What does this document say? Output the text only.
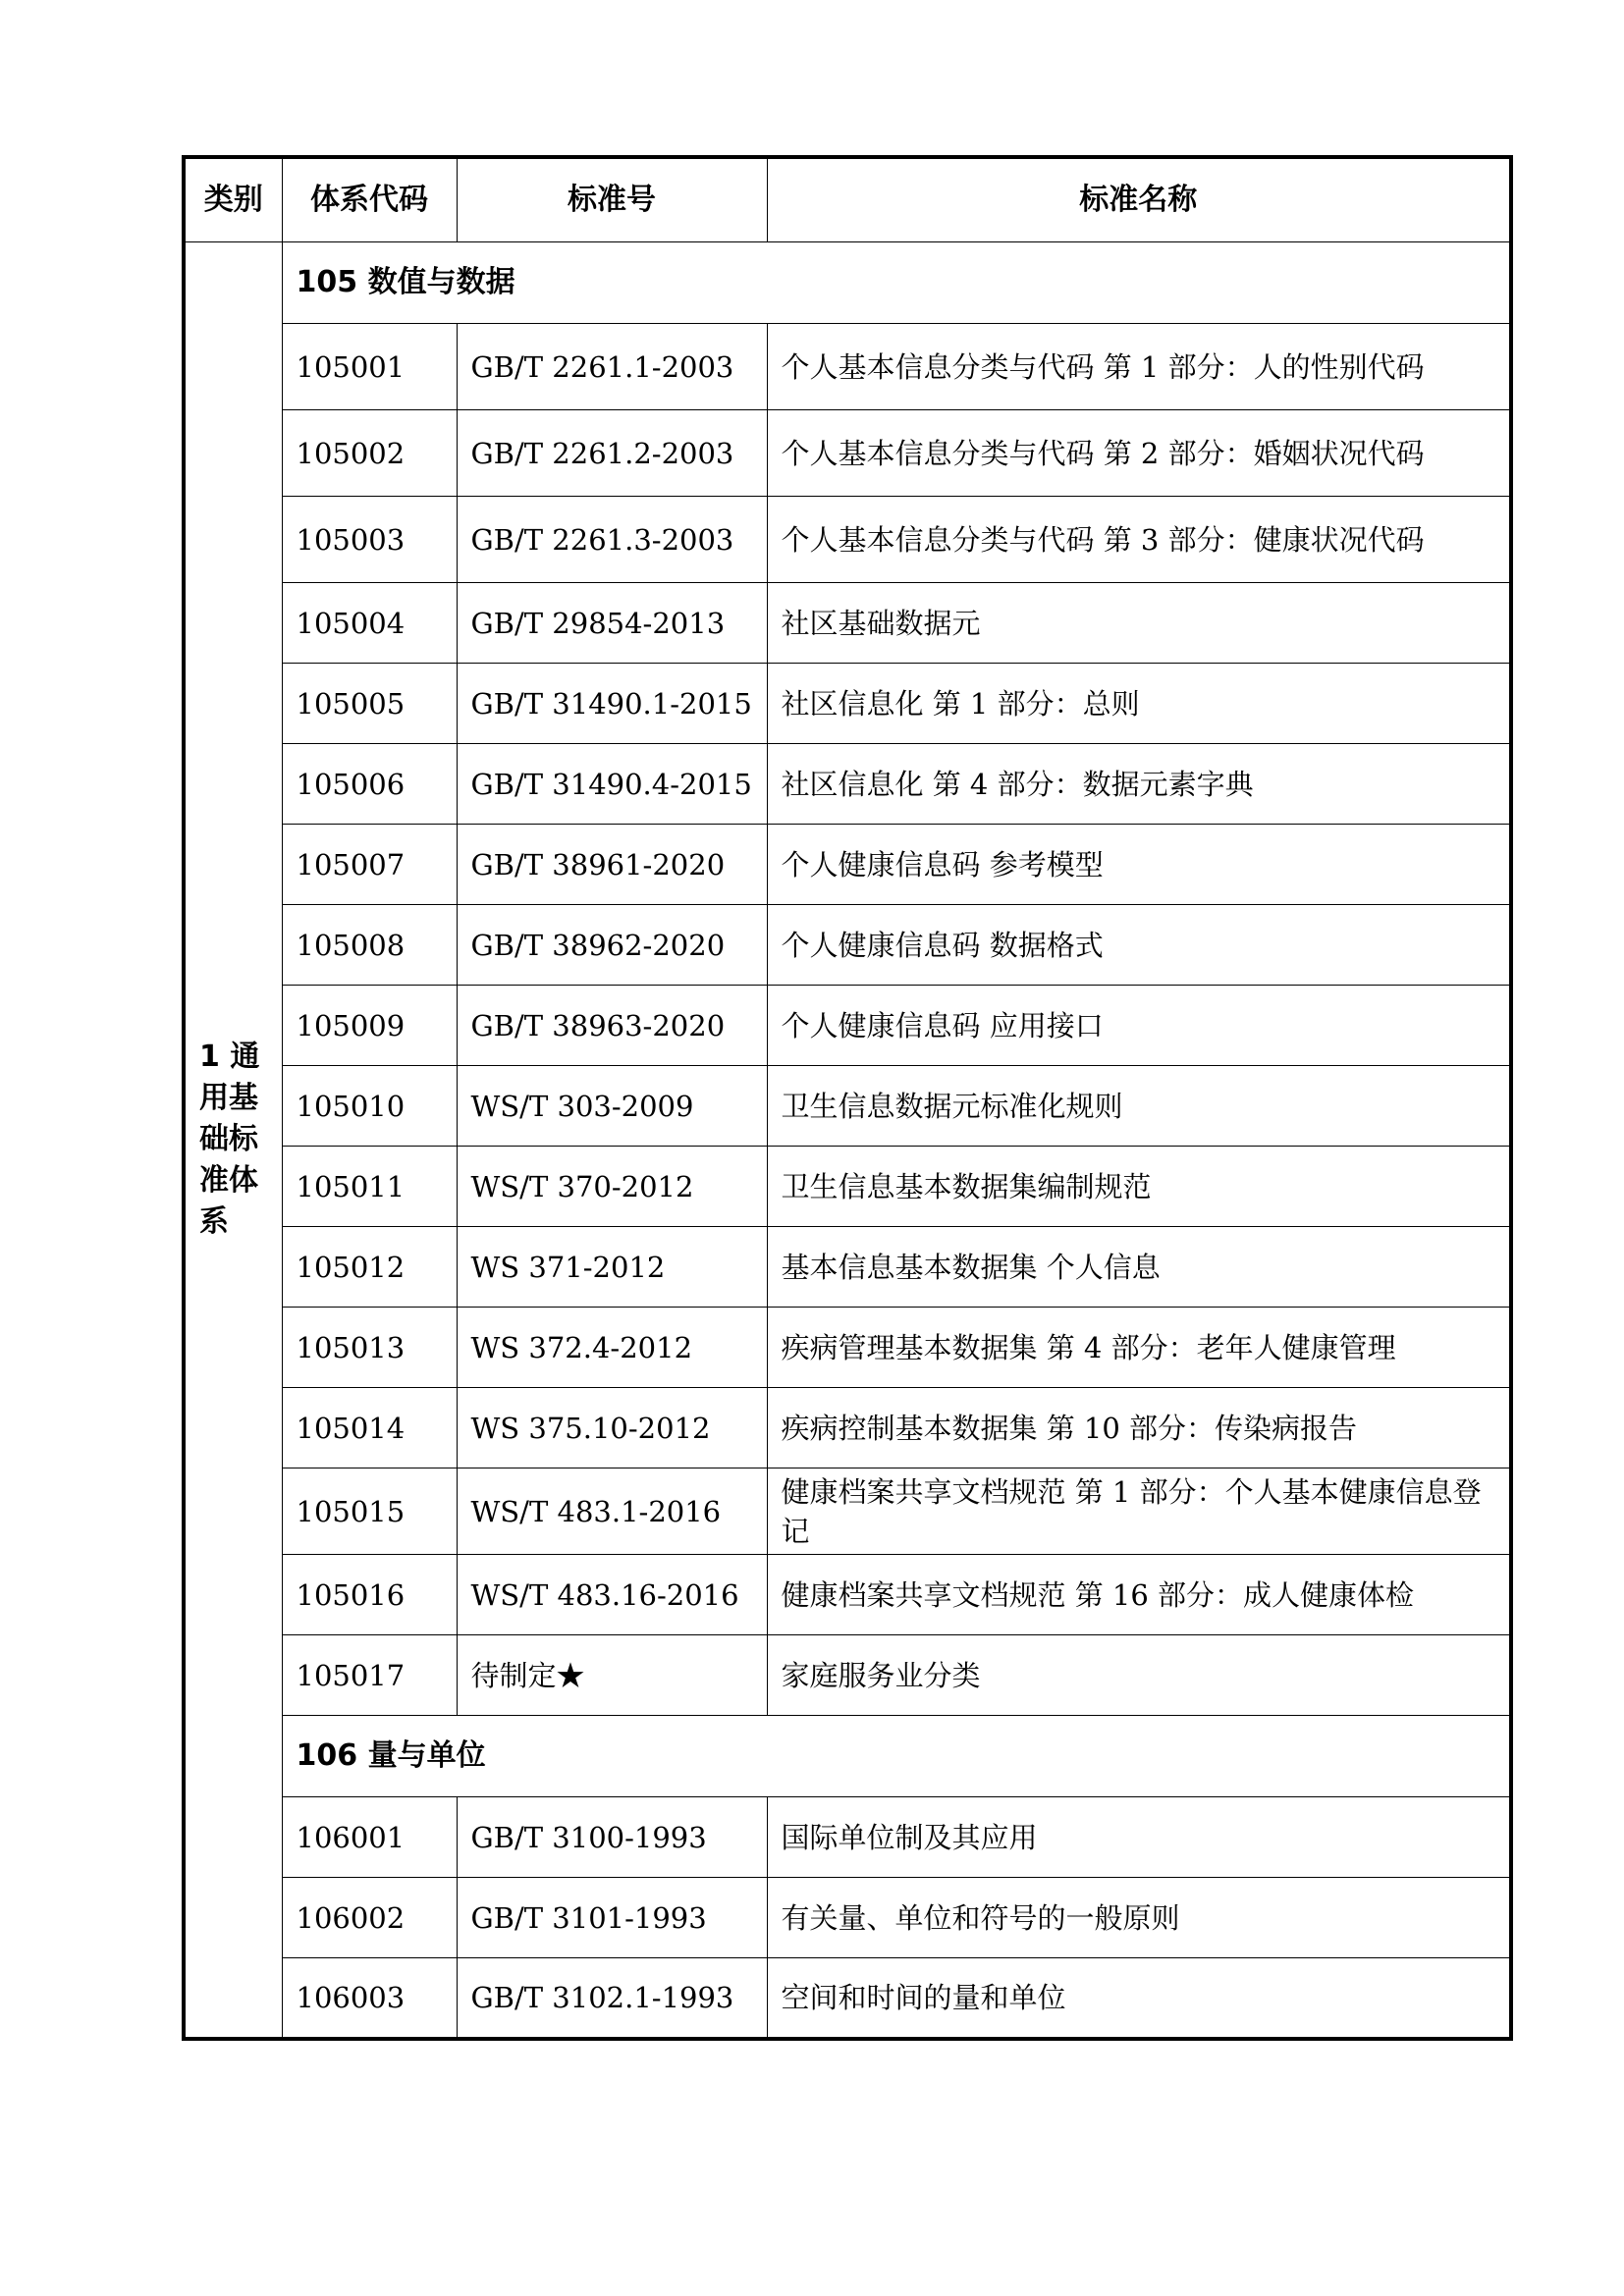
类别	体系代码	标准号	标准名称
1 通用基础标准体系	105 数值与数据		
	105001	GB/T 2261.1-2003	个人基本信息分类与代码 第 1 部分：人的性别代码
	105002	GB/T 2261.2-2003	个人基本信息分类与代码 第 2 部分：婚姻状况代码
	105003	GB/T 2261.3-2003	个人基本信息分类与代码 第 3 部分：健康状况代码
	105004	GB/T 29854-2013	社区基础数据元
	105005	GB/T 31490.1-2015	社区信息化 第 1 部分：总则
	105006	GB/T 31490.4-2015	社区信息化 第 4 部分：数据元素字典
	105007	GB/T 38961-2020	个人健康信息码 参考模型
	105008	GB/T 38962-2020	个人健康信息码 数据格式
	105009	GB/T 38963-2020	个人健康信息码 应用接口
	105010	WS/T 303-2009	卫生信息数据元标准化规则
	105011	WS/T 370-2012	卫生信息基本数据集编制规范
	105012	WS 371-2012	基本信息基本数据集 个人信息
	105013	WS 372.4-2012	疾病管理基本数据集 第 4 部分：老年人健康管理
	105014	WS 375.10-2012	疾病控制基本数据集 第 10 部分：传染病报告
	105015	WS/T 483.1-2016	健康档案共享文档规范 第 1 部分：个人基本健康信息登记
	105016	WS/T 483.16-2016	健康档案共享文档规范 第 16 部分：成人健康体检
	105017	待制定★	家庭服务业分类
	106 量与单位		
	106001	GB/T 3100-1993	国际单位制及其应用
	106002	GB/T 3101-1993	有关量、单位和符号的一般原则
	106003	GB/T 3102.1-1993	空间和时间的量和单位
